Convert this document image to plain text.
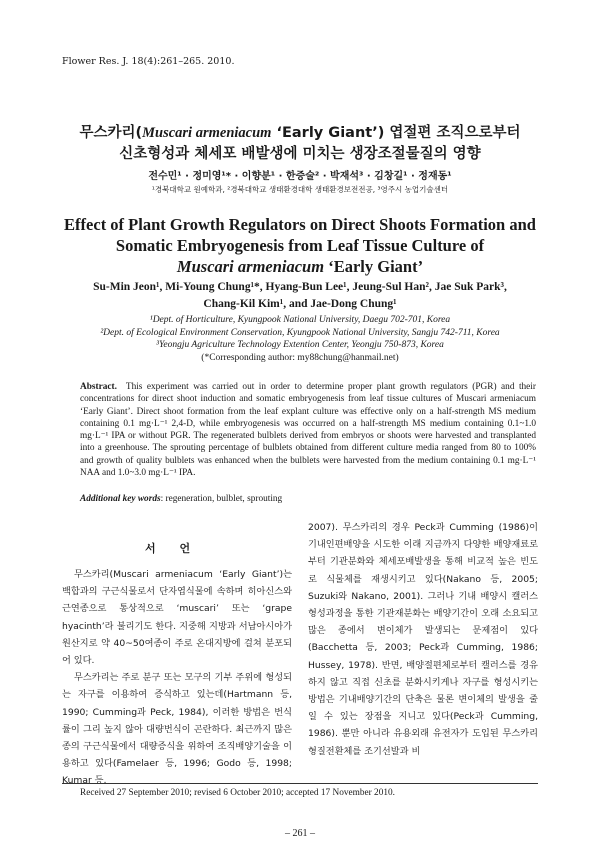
Flower Res. J. 18(4):261–265. 2010.
무스카리(Muscari armeniacum ‘Early Giant’) 엽절편 조직으로부터
신초형성과 체세포 배발생에 미치는 생장조절물질의 영향
전수민¹ · 정미영¹* · 이향분¹ · 한증술² · 박재석³ · 김창길¹ · 정재동¹
¹경북대학교 원예학과, ²경북대학교 생태환경대학 생태환경보전전공, ³영주시 농업기술센터
Effect of Plant Growth Regulators on Direct Shoots Formation and
Somatic Embryogenesis from Leaf Tissue Culture of
Muscari armeniacum ‘Early Giant’
Su-Min Jeon¹, Mi-Young Chung¹*, Hyang-Bun Lee¹, Jeung-Sul Han², Jae Suk Park³,
Chang-Kil Kim¹, and Jae-Dong Chung¹
¹Dept. of Horticulture, Kyungpook National University, Daegu 702-701, Korea
²Dept. of Ecological Environment Conservation, Kyungpook National University, Sangju 742-711, Korea
³Yeongju Agriculture Technology Extention Center, Yeongju 750-873, Korea
(*Corresponding author: my88chung@hanmail.net)
Abstract. This experiment was carried out in order to determine proper plant growth regulators (PGR) and their concentrations for direct shoot induction and somatic embryogenesis from leaf tissue cultures of Muscari armeniacum ‘Early Giant’. Direct shoot formation from the leaf explant culture was effective only on a half-strength MS medium containing 0.1 mg·L⁻¹ 2,4-D, while embryogenesis was occurred on a half-strength MS medium containing 0.1~1.0 mg·L⁻¹ IPA or without PGR. The regenerated bulblets derived from embryos or shoots were harvested and transplanted into a greenhouse. The sprouting percentage of bulblets obtained from different culture media ranged from 80 to 100% and growth of quality bulblets was enhanced when the bulblets were harvested from the medium containing 0.1 mg·L⁻¹ NAA and 1.0~3.0 mg·L⁻¹ IPA.
Additional key words: regeneration, bulblet, sprouting
서 언

무스카리(Muscari armeniacum ‘Early Giant’)는 백합과의 구근식물로서 단자엽식물에 속하며 히아신스와 근연종으로 통상적으로 ‘muscari’ 또는 ‘grape hyacinth’라 불리기도 한다. 지중해 지방과 서남아시아가 원산지로 약 40~50여종이 주로 온대지방에 걸쳐 분포되어 있다.

무스카리는 주로 분구 또는 모구의 기부 주위에 형성되는 자구를 이용하여 증식하고 있는데(Hartmann 등, 1990; Cumming과 Peck, 1984), 이러한 방법은 번식률이 그리 높지 않아 대량번식이 곤란하다. 최근까지 많은 종의 구근식물에서 대량증식을 위하여 조직배양기술을 이용하고 있다(Famelaer 등, 1996; Godo 등, 1998; Kumar 등,

2007). 무스카리의 경우 Peck과 Cumming (1986)이 기내인편배양을 시도한 이래 지금까지 다양한 배양재료로부터 기관분화와 체세포배발생을 통해 비교적 높은 빈도로 식물체를 재생시키고 있다(Nakano 등, 2005; Suzuki와 Nakano, 2001). 그러나 기내 배양시 캘러스 형성과정을 통한 기관재분화는 배양기간이 오래 소요되고 많은 종에서 변이체가 발생되는 문제점이 있다(Bacchetta 등, 2003; Peck과 Cumming, 1986; Hussey, 1978). 반면, 배양절편체로부터 캘러스를 경유하지 않고 직접 신초를 분화시키게나 자구를 형성시키는 방법은 기내배양기간의 단축은 물론 변이체의 발생을 줄일 수 있는 장점을 지니고 있다(Peck과 Cumming, 1986). 뿐만 아니라 유용외래 유전자가 도입된 무스카리 형질전환체를 조기선발과 비

Received 27 September 2010; revised 6 October 2010; accepted 17 November 2010.
– 261 –
